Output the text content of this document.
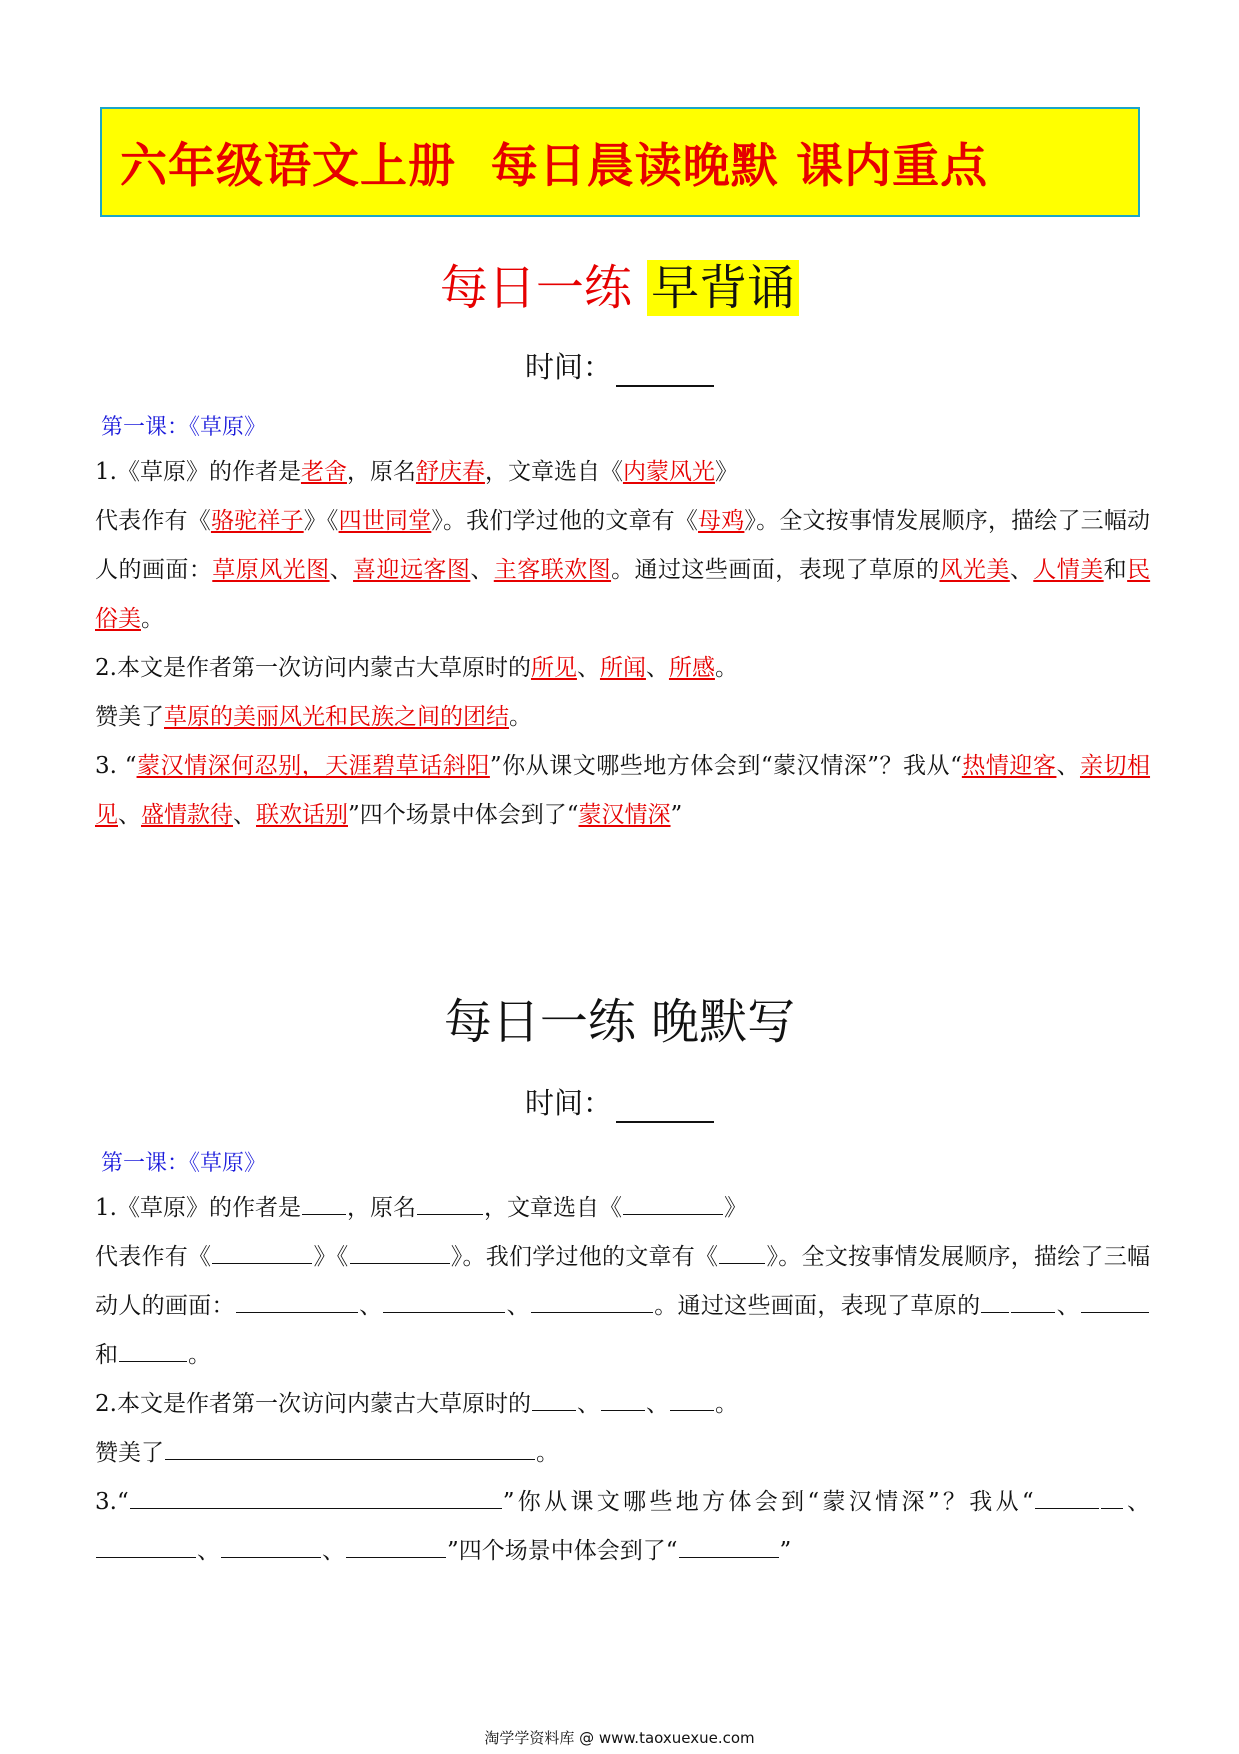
六年级语文上册  每日晨读晚默 课内重点
每日一练 早背诵
时间：
第一课：《草原》
1.《草原》的作者是老舍，原名舒庆春，文章选自《内蒙风光》
代表作有《骆驼祥子》《四世同堂》。我们学过他的文章有《母鸡》。全文按事情发展顺序，描绘了三幅动人的画面：草原风光图、喜迎远客图、主客联欢图。通过这些画面，表现了草原的风光美、人情美和民俗美。
2.本文是作者第一次访问内蒙古大草原时的所见、所闻、所感。
赞美了草原的美丽风光和民族之间的团结。
3. “蒙汉情深何忍别，天涯碧草话斜阳”你从课文哪些地方体会到“蒙汉情深”？我从“热情迎客、亲切相见、盛情款待、联欢话别”四个场景中体会到了“蒙汉情深”
每日一练 晚默写
时间：
第一课：《草原》
1.《草原》的作者是 ，原名	，文章选自《	》
代表作有《	》《	》。我们学过他的文章有《 》。全文按事情发展顺序，描绘了三幅动人的画面：	、	、	。通过这些画面，表现了草原的	、和	。
2.本文是作者第一次访问内蒙古大草原时的 、 、 。
赞美了	。
3.“	”你从课文哪些地方体会到“蒙汉情深”？我从“	、、	、	”四个场景中体会到了“	”
淘学学资料库 @ www.taoxuexue.com
